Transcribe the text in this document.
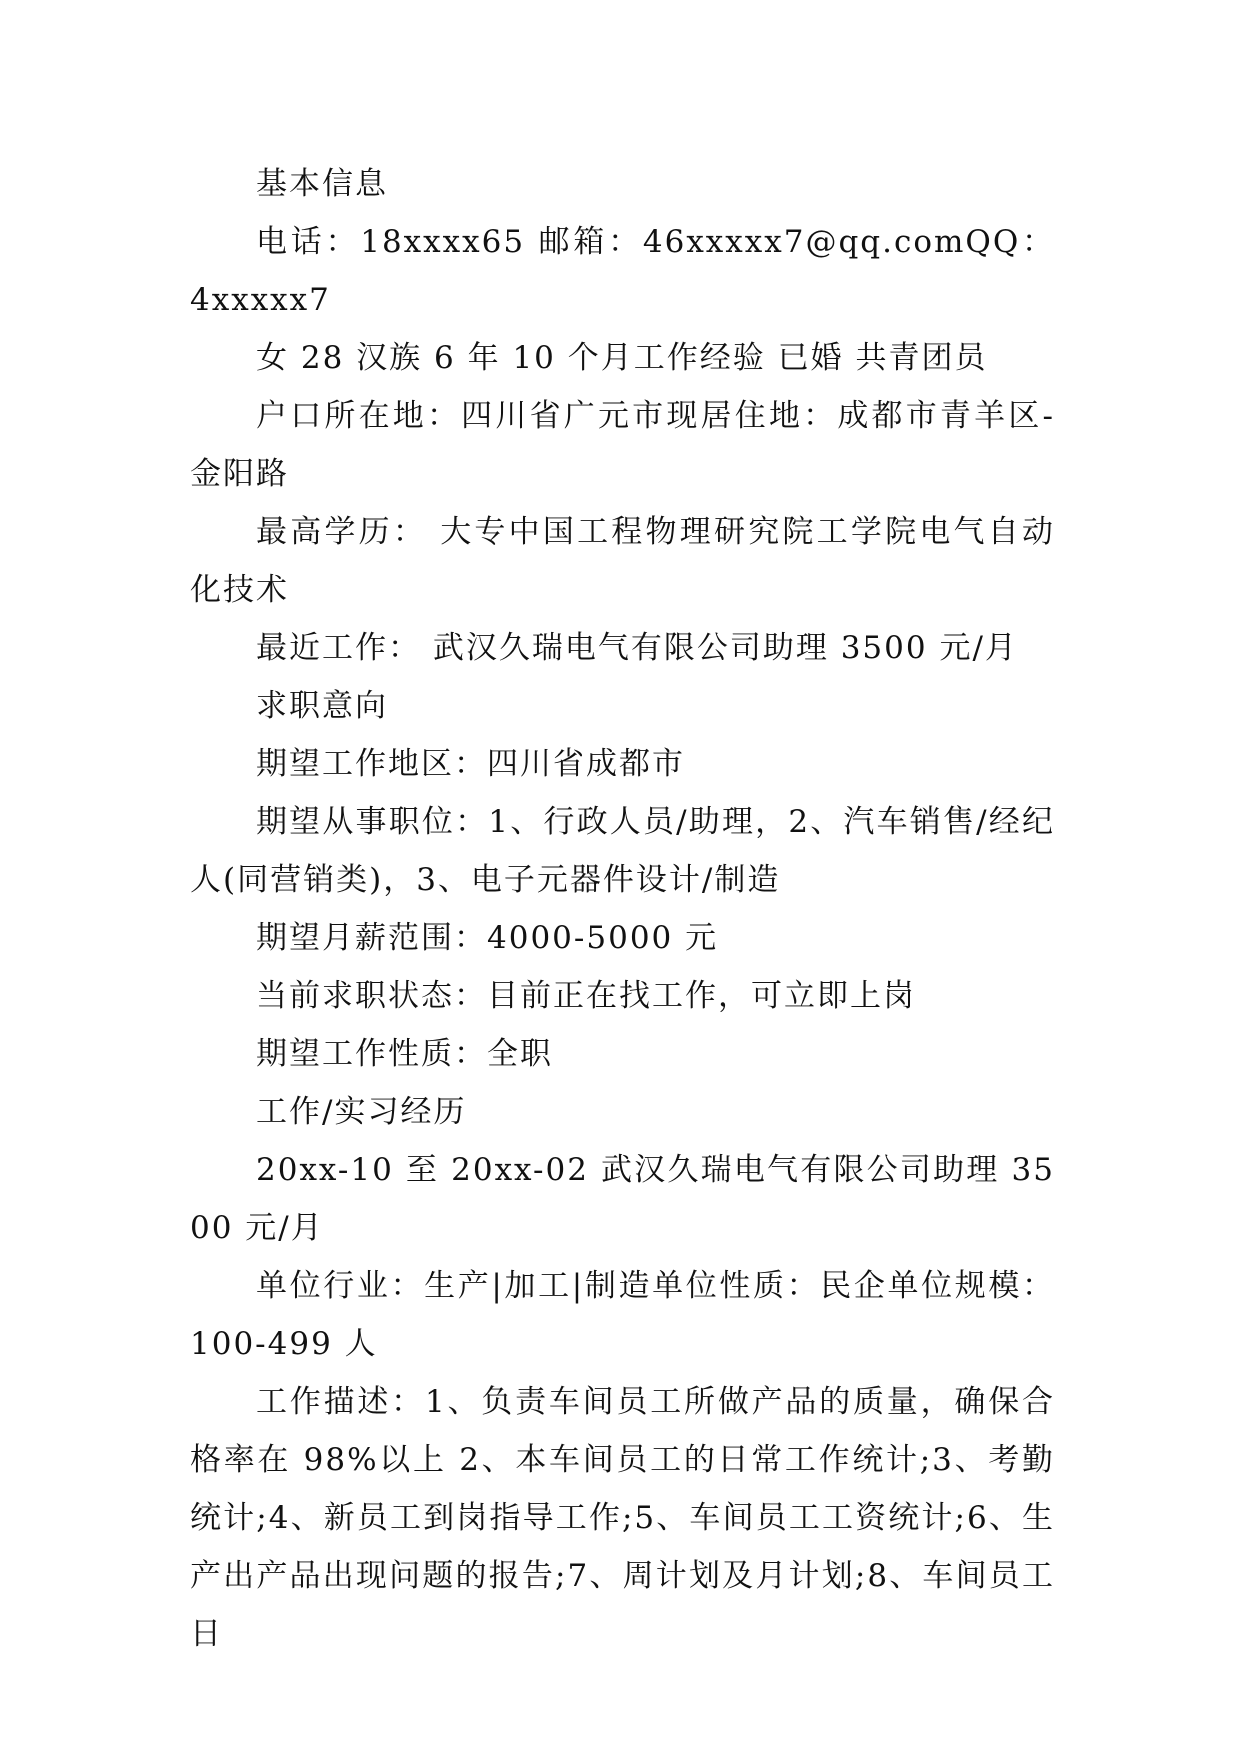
基本信息

电话：18xxxx65 邮箱：46xxxxx7@qq.comQQ：4xxxxx7

女 28 汉族 6 年 10 个月工作经验 已婚 共青团员

户口所在地：四川省广元市现居住地：成都市青羊区-金阳路

最高学历： 大专中国工程物理研究院工学院电气自动化技术

最近工作： 武汉久瑞电气有限公司助理 3500 元/月

求职意向

期望工作地区：四川省成都市

期望从事职位：1、行政人员/助理，2、汽车销售/经纪人(同营销类)，3、电子元器件设计/制造

期望月薪范围：4000-5000 元

当前求职状态：目前正在找工作，可立即上岗

期望工作性质：全职

工作/实习经历

20xx-10 至 20xx-02 武汉久瑞电气有限公司助理 3500 元/月

单位行业：生产|加工|制造单位性质：民企单位规模：100-499 人

工作描述：1、负责车间员工所做产品的质量，确保合格率在 98%以上 2、本车间员工的日常工作统计;3、考勤统计;4、新员工到岗指导工作;5、车间员工工资统计;6、生产出产品出现问题的报告;7、周计划及月计划;8、车间员工日
